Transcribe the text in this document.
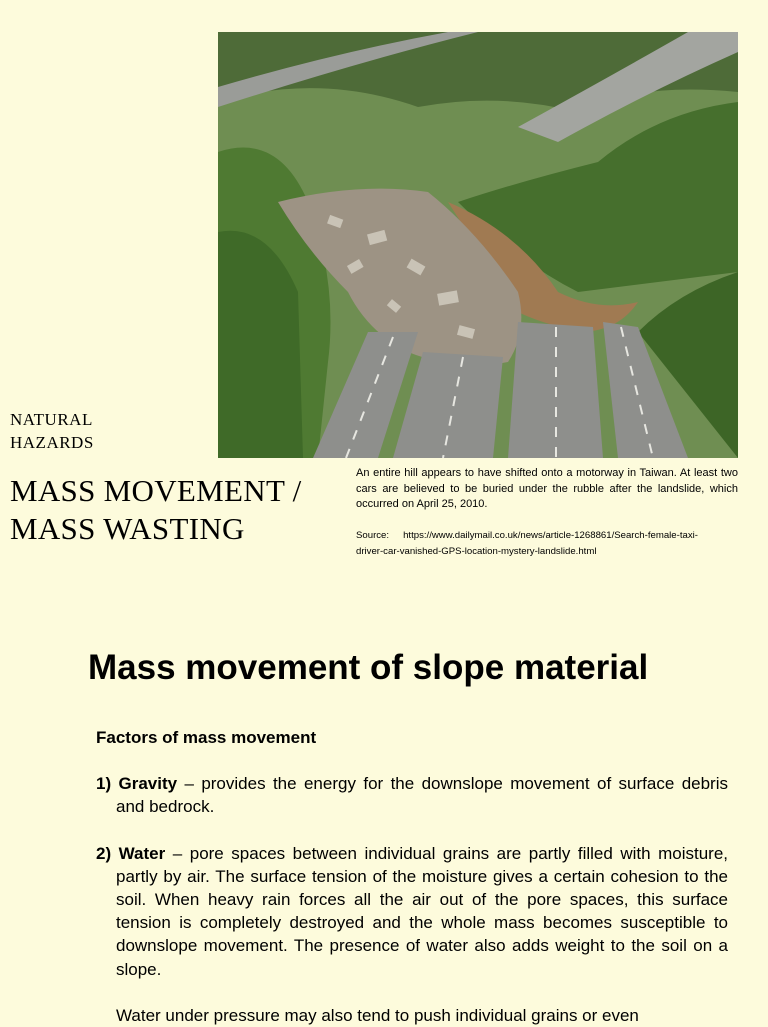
NATURAL
HAZARDS
MASS MOVEMENT /
MASS WASTING
An entire hill appears to have shifted onto a motorway in Taiwan. At least two cars are believed to be buried under the rubble after the landslide, which occurred on April 25, 2010.
Source: https://www.dailymail.co.uk/news/article-1268861/Search-female-taxi-
driver-car-vanished-GPS-location-mystery-landslide.html
Mass movement of slope material
Factors of mass movement
1) Gravity – provides the energy for the downslope movement of surface debris and bedrock.
2) Water – pore spaces between individual grains are partly filled with moisture, partly by air. The surface tension of the moisture gives a certain cohesion to the soil. When heavy rain forces all the air out of the pore spaces, this surface tension is completely destroyed and the whole mass becomes susceptible to downslope movement. The presence of water also adds weight to the soil on a slope.
Water under pressure may also tend to push individual grains or even
